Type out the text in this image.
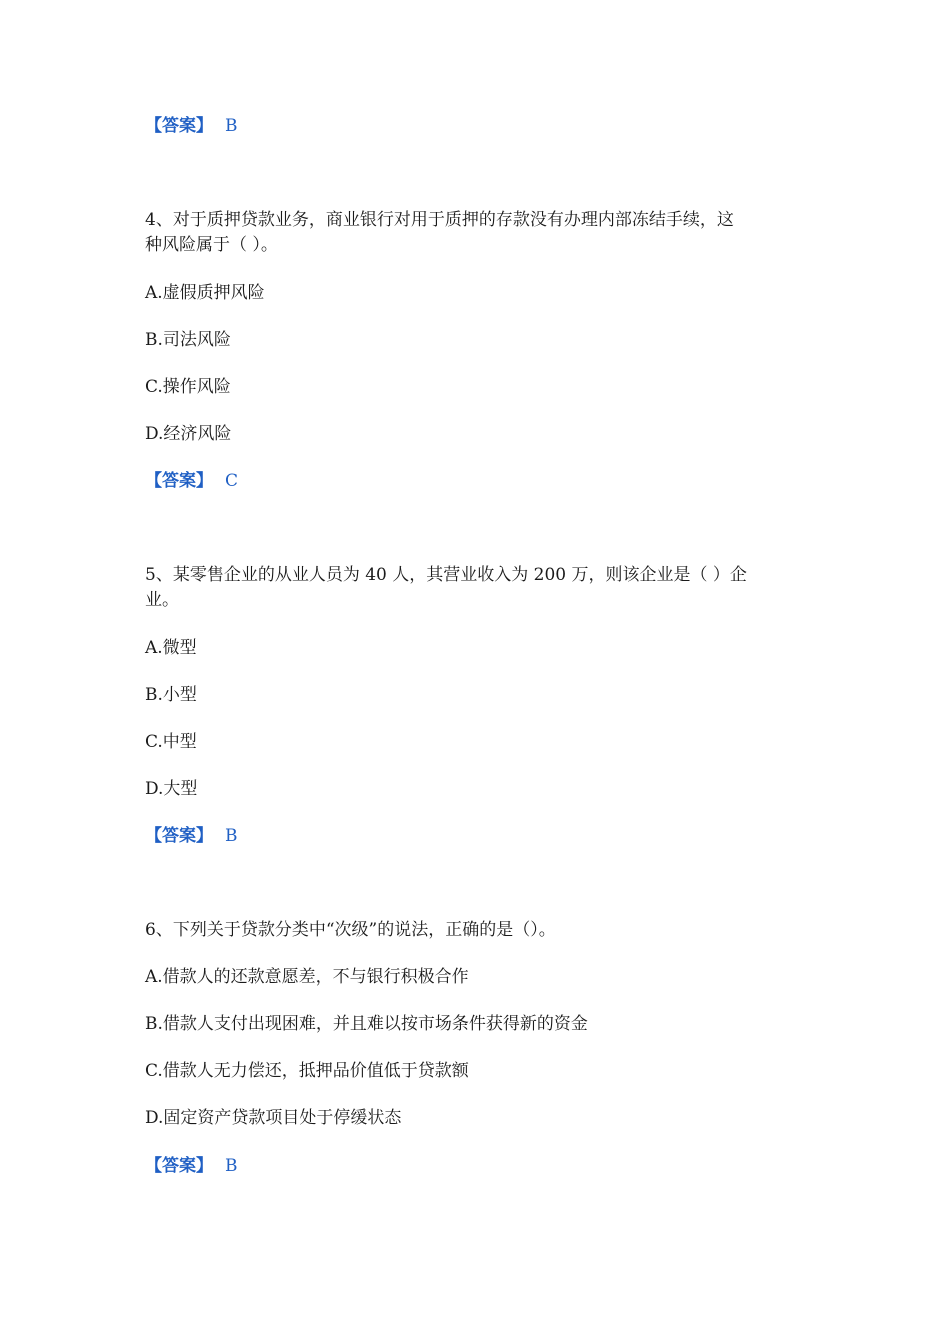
【答案】 B
4、对于质押贷款业务，商业银行对用于质押的存款没有办理内部冻结手续，这
种风险属于（ ）。
A.虚假质押风险
B.司法风险
C.操作风险
D.经济风险
【答案】 C
5、某零售企业的从业人员为 40 人，其营业收入为 200 万，则该企业是（ ）企
业。
A.微型
B.小型
C.中型
D.大型
【答案】 B
6、下列关于贷款分类中“次级”的说法，正确的是（）。
A.借款人的还款意愿差，不与银行积极合作
B.借款人支付出现困难，并且难以按市场条件获得新的资金
C.借款人无力偿还，抵押品价值低于贷款额
D.固定资产贷款项目处于停缓状态
【答案】 B
